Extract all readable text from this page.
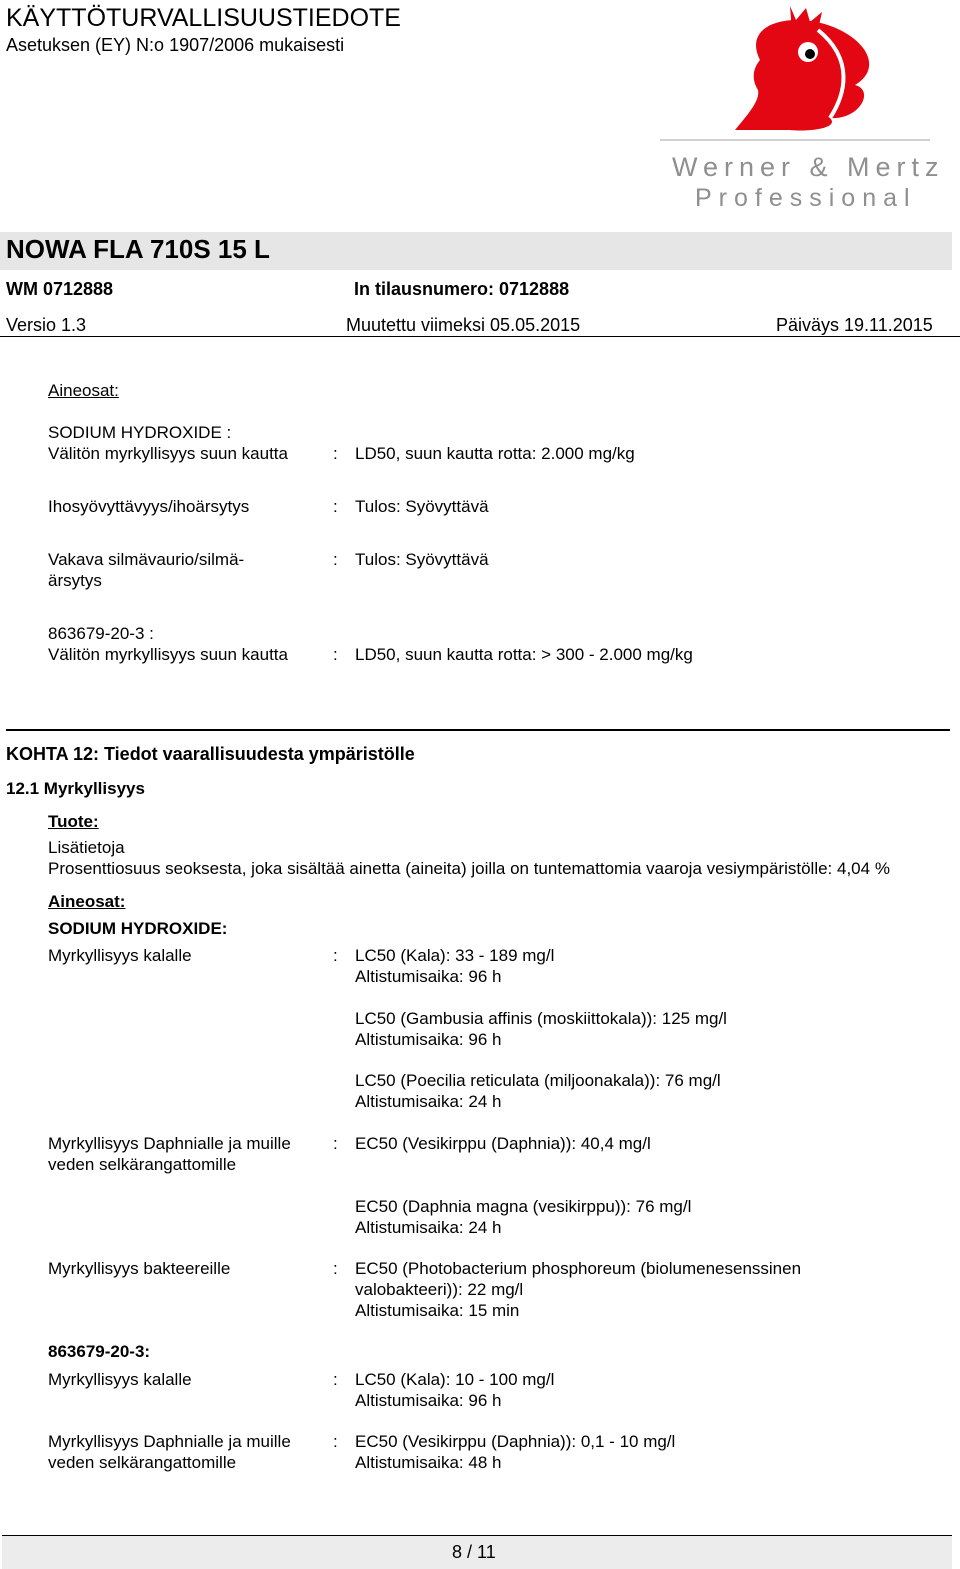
KÄYTTÖTURVALLISUUSTIEDOTE
Asetuksen (EY) N:o 1907/2006 mukaisesti
Werner & Mertz
Professional
NOWA FLA 710S 15 L
WM 0712888	In tilausnumero: 0712888
Versio 1.3	Muutettu viimeksi 05.05.2015	Päiväys 19.11.2015
Aineosat:
SODIUM HYDROXIDE :
Välitön myrkyllisyys suun kautta	: LD50, suun kautta rotta: 2.000 mg/kg
Ihosyövyttävyys/ihoärsytys	: Tulos: Syövyttävä
Vakava silmävaurio/silmä-
ärsytys
: Tulos: Syövyttävä
863679-20-3 :
Välitön myrkyllisyys suun kautta	: LD50, suun kautta rotta: > 300 - 2.000 mg/kg
KOHTA 12: Tiedot vaarallisuudesta ympäristölle
12.1 Myrkyllisyys
Tuote:
Lisätietoja
Prosenttiosuus seoksesta, joka sisältää ainetta (aineita) joilla on tuntemattomia vaaroja vesiympäristölle: 4,04 %
Aineosat:
SODIUM HYDROXIDE:
Myrkyllisyys kalalle	: LC50 (Kala): 33 - 189 mg/l
Altistumisaika: 96 h
LC50 (Gambusia affinis (moskiittokala)): 125 mg/l
Altistumisaika: 96 h
LC50 (Poecilia reticulata (miljoonakala)): 76 mg/l
Altistumisaika: 24 h
Myrkyllisyys Daphnialle ja muille
veden selkärangattomille
: EC50 (Vesikirppu (Daphnia)): 40,4 mg/l
EC50 (Daphnia magna (vesikirppu)): 76 mg/l
Altistumisaika: 24 h
Myrkyllisyys bakteereille	: EC50 (Photobacterium phosphoreum (biolumenesenssinen
valobakteeri)): 22 mg/l
Altistumisaika: 15 min
863679-20-3:
Myrkyllisyys kalalle	: LC50 (Kala): 10 - 100 mg/l
Altistumisaika: 96 h
Myrkyllisyys Daphnialle ja muille
veden selkärangattomille
: EC50 (Vesikirppu (Daphnia)): 0,1 - 10 mg/l
Altistumisaika: 48 h
8 / 11
